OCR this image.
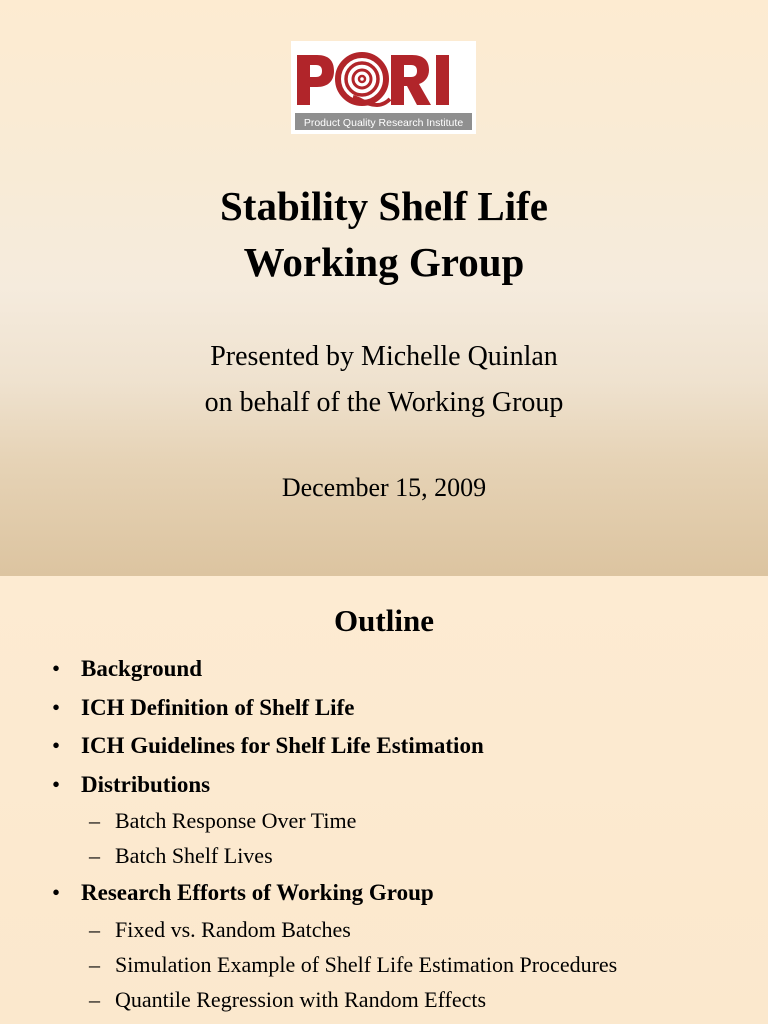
Product Quality Research Institute
Stability Shelf Life
Working Group
Presented by Michelle Quinlan
on behalf of the Working Group
December 15, 2009
Outline
• Background
• ICH Definition of Shelf Life
• ICH Guidelines for Shelf Life Estimation
• Distributions
– Batch Response Over Time
– Batch Shelf Lives
• Research Efforts of Working Group
– Fixed vs. Random Batches
– Simulation Example of Shelf Life Estimation Procedures
– Quantile Regression with Random Effects
